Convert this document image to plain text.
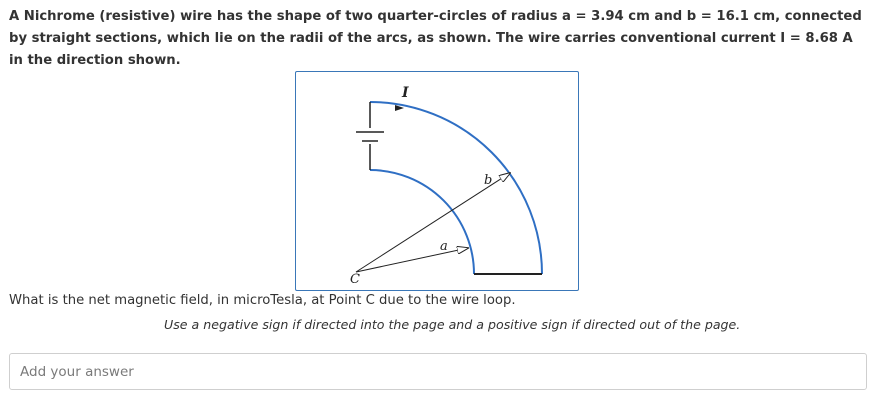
A Nichrome (resistive) wire has the shape of two quarter-circles of radius a = 3.94 cm and b = 16.1 cm, connected by straight sections, which lie on the radii of the arcs, as shown. The wire carries conventional current I = 8.68 A in the direction shown.
I
b
a
C
What is the net magnetic field, in microTesla, at Point C due to the wire loop.
Use a negative sign if directed into the page and a positive sign if directed out of the page.
Add your answer
